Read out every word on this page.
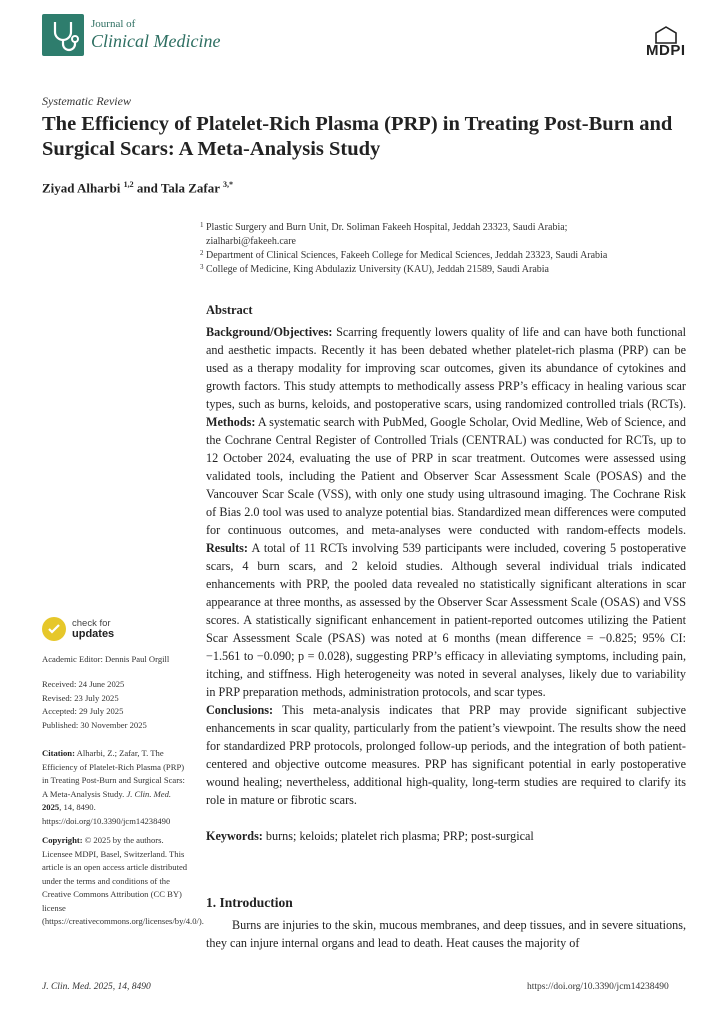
Journal of
Clinical Medicine	MDPI
Systematic Review
The Efficiency of Platelet-Rich Plasma (PRP) in Treating Post-Burn and Surgical Scars: A Meta-Analysis Study
Ziyad Alharbi $^{1,2}$ and Tala Zafar $^{3,*}$
1 Plastic Surgery and Burn Unit, Dr. Soliman Fakeeh Hospital, Jeddah 23323, Saudi Arabia;
zialharbi@fakeeh.care
2 Department of Clinical Sciences, Fakeeh College for Medical Sciences, Jeddah 23323, Saudi Arabia
3 College of Medicine, King Abdulaziz University (KAU), Jeddah 21589, Saudi Arabia
check for
updates
Academic Editor: Dennis Paul Orgill
Received: 24 June 2025
Revised: 23 July 2025
Accepted: 29 July 2025
Published: 30 November 2025
Citation: Alharbi, Z.; Zafar, T. The Efficiency of Platelet-Rich Plasma (PRP) in Treating Post-Burn and Surgical Scars: A Meta-Analysis Study. J. Clin. Med. 2025, 14, 8490. https://doi.org/10.3390/jcm14238490
Copyright: © 2025 by the authors. Licensee MDPI, Basel, Switzerland. This article is an open access article distributed under the terms and conditions of the Creative Commons Attribution (CC BY) license (https://creativecommons.org/licenses/by/4.0/).
Abstract
Background/Objectives: Scarring frequently lowers quality of life and can have both functional and aesthetic impacts. Recently it has been debated whether platelet-rich plasma (PRP) can be used as a therapy modality for improving scar outcomes, given its abundance of cytokines and growth factors. This study attempts to methodically assess PRP’s efficacy in healing various scar types, such as burns, keloids, and postoperative scars, using randomized controlled trials (RCTs). Methods: A systematic search with PubMed, Google Scholar, Ovid Medline, Web of Science, and the Cochrane Central Register of Controlled Trials (CENTRAL) was conducted for RCTs, up to 12 October 2024, evaluating the use of PRP in scar treatment. Outcomes were assessed using validated tools, including the Patient and Observer Scar Assessment Scale (POSAS) and the Vancouver Scar Scale (VSS), with only one study using ultrasound imaging. The Cochrane Risk of Bias 2.0 tool was used to analyze potential bias. Standardized mean differences were computed for continuous outcomes, and meta-analyses were conducted with random-effects models. Results: A total of 11 RCTs involving 539 participants were included, covering 5 postoperative scars, 4 burn scars, and 2 keloid studies. Although several individual trials indicated enhancements with PRP, the pooled data revealed no statistically significant alterations in scar appearance at three months, as assessed by the Observer Scar Assessment Scale (OSAS) and VSS scores. A statistically significant enhancement in patient-reported outcomes utilizing the Patient Scar Assessment Scale (PSAS) was noted at 6 months (mean difference = −0.825; 95% CI: −1.561 to −0.090; p = 0.028), suggesting PRP’s efficacy in alleviating symptoms, including pain, itching, and stiffness. High heterogeneity was noted in several analyses, likely due to variability in PRP preparation methods, administration protocols, and scar types.
Conclusions: This meta-analysis indicates that PRP may provide significant subjective enhancements in scar quality, particularly from the patient’s viewpoint. The results show the need for standardized PRP protocols, prolonged follow-up periods, and the integration of both patient-centered and objective outcome measures. PRP has significant potential in early postoperative wound healing; nevertheless, additional high-quality, long-term studies are required to clarify its role in mature or fibrotic scars.
Keywords: burns; keloids; platelet rich plasma; PRP; post-surgical
1. Introduction
Burns are injuries to the skin, mucous membranes, and deep tissues, and in severe situations, they can injure internal organs and lead to death. Heat causes the majority of
J. Clin. Med. 2025, 14, 8490	https://doi.org/10.3390/jcm14238490
